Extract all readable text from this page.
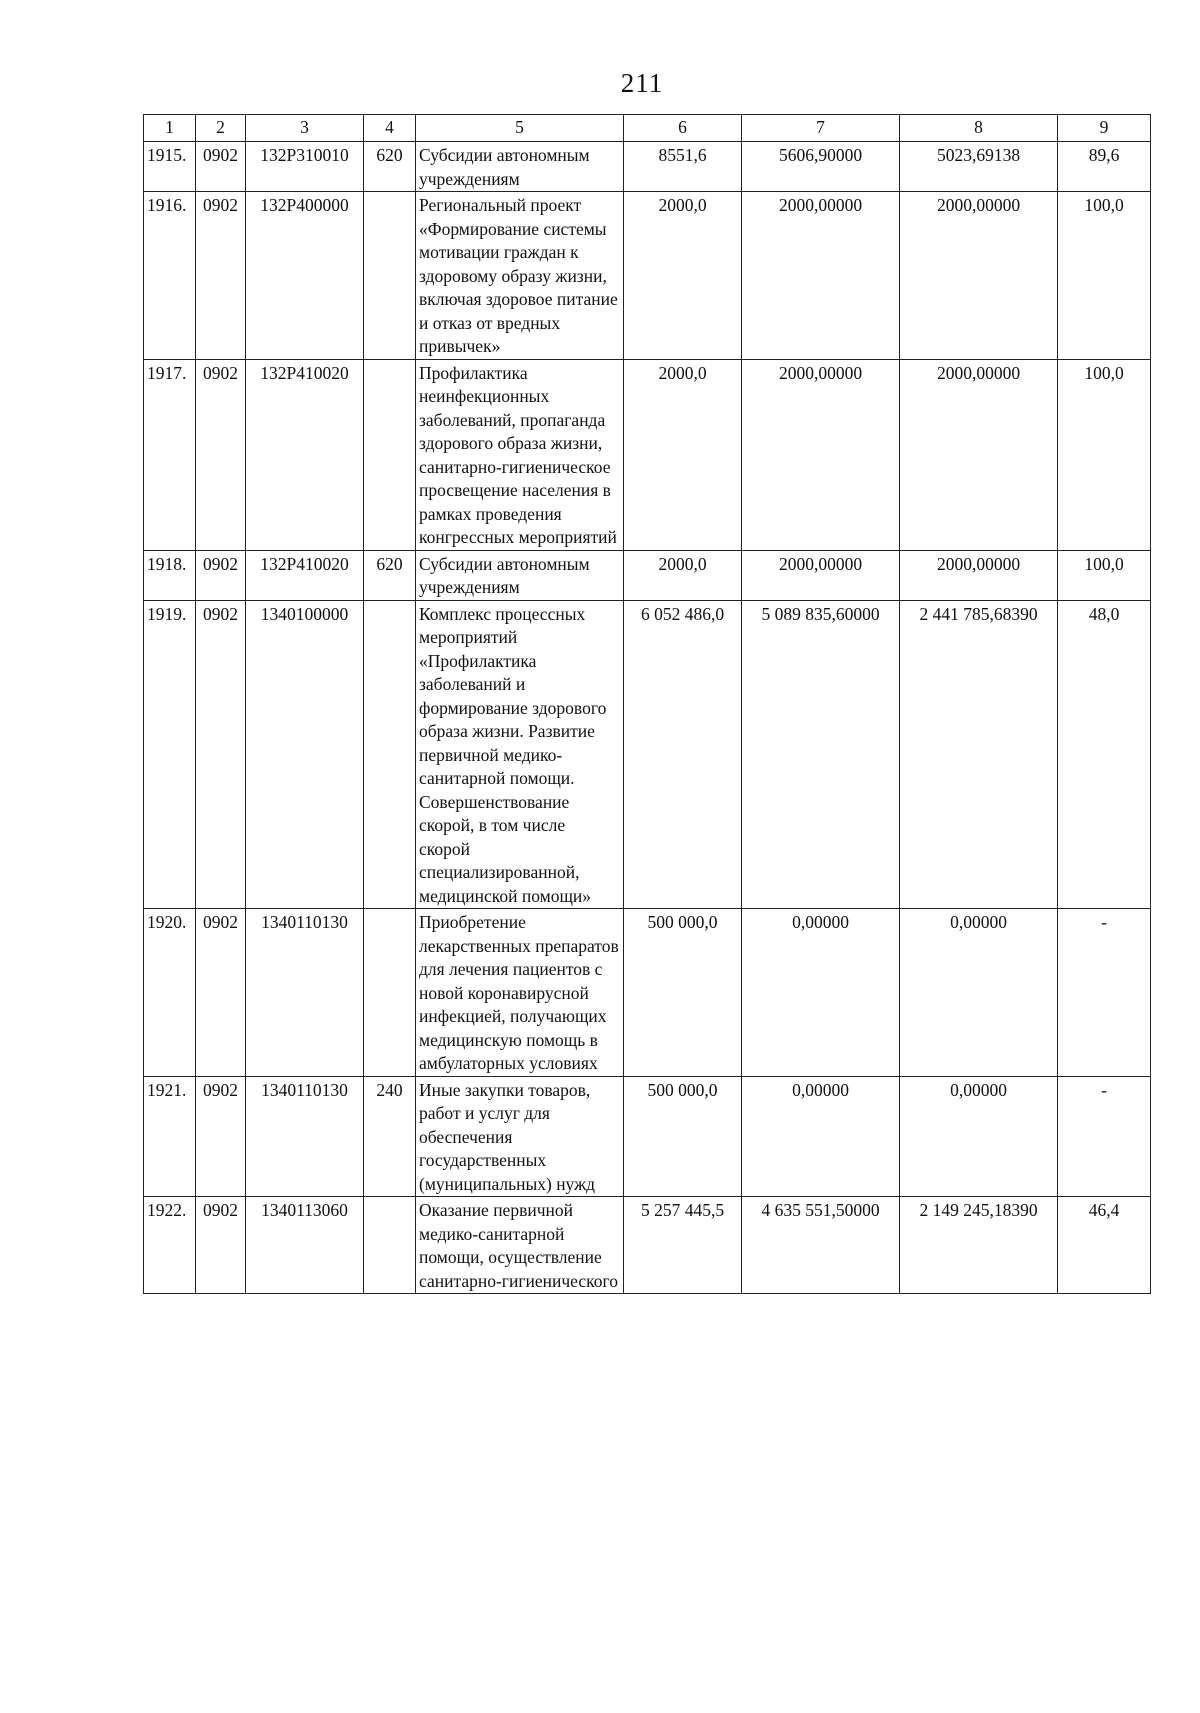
211
1	2	3	4	5	6	7	8	9
1915.	0902	132P310010	620	Субсидии автономным учреждениям	8551,6	5606,90000	5023,69138	89,6
1916.	0902	132P400000		Региональный проект «Формирование системы мотивации граждан к здоровому образу жизни, включая здоровое питание и отказ от вредных привычек»	2000,0	2000,00000	2000,00000	100,0
1917.	0902	132P410020		Профилактика неинфекционных заболеваний, пропаганда здорового образа жизни, санитарно-гигиеническое просвещение населения в рамках проведения конгрессных мероприятий	2000,0	2000,00000	2000,00000	100,0
1918.	0902	132P410020	620	Субсидии автономным учреждениям	2000,0	2000,00000	2000,00000	100,0
1919.	0902	1340100000		Комплекс процессных мероприятий «Профилактика заболеваний и формирование здорового образа жизни. Развитие первичной медико-санитарной помощи. Совершенствование скорой, в том числе скорой специализированной, медицинской помощи»	6 052 486,0	5 089 835,60000	2 441 785,68390	48,0
1920.	0902	1340110130		Приобретение лекарственных препаратов для лечения пациентов с новой коронавирусной инфекцией, получающих медицинскую помощь в амбулаторных условиях	500 000,0	0,00000	0,00000	-
1921.	0902	1340110130	240	Иные закупки товаров, работ и услуг для обеспечения государственных (муниципальных) нужд	500 000,0	0,00000	0,00000	-
1922.	0902	1340113060		Оказание первичной медико-санитарной помощи, осуществление санитарно-гигиенического	5 257 445,5	4 635 551,50000	2 149 245,18390	46,4
